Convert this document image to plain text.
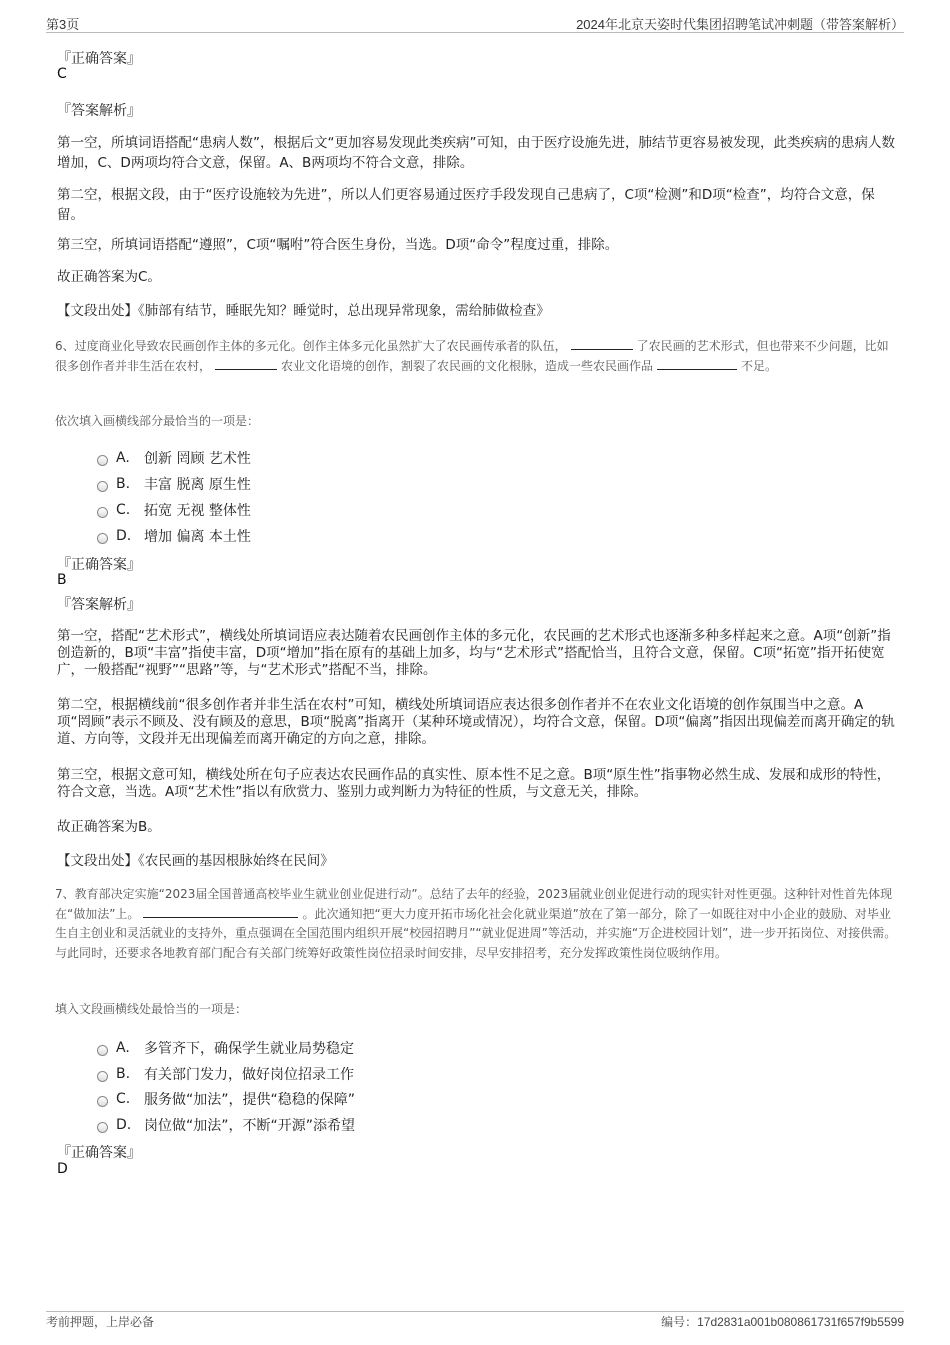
第3页	2024年北京天姿时代集团招聘笔试冲刺题（带答案解析）
『正确答案』
C
『答案解析』
第一空，所填词语搭配“患病人数”，根据后文“更加容易发现此类疾病”可知，由于医疗设施先进，肺结节更容易被发现，此类疾病的患病人数增加，C、D两项均符合文意，保留。A、B两项均不符合文意，排除。
第二空，根据文段，由于“医疗设施较为先进”，所以人们更容易通过医疗手段发现自己患病了，C项“检测”和D项“检查”，均符合文意，保留。
第三空，所填词语搭配“遵照”，C项“嘱咐”符合医生身份，当选。D项“命令”程度过重，排除。
故正确答案为C。
【文段出处】《肺部有结节，睡眠先知？睡觉时，总出现异常现象，需给肺做检查》
6、过度商业化导致农民画创作主体的多元化。创作主体多元化虽然扩大了农民画传承者的队伍，	了农民画的艺术形式，但也带来不少问题，比如很多创作者并非生活在农村，	农业文化语境的创作，割裂了农民画的文化根脉，造成一些农民画作品	不足。
依次填入画横线部分最恰当的一项是：
A.	创新 罔顾 艺术性
B. 丰富 脱离 原生性
C. 拓宽 无视 整体性
D. 增加 偏离 本土性
『正确答案』
B
『答案解析』
第一空，搭配“艺术形式”，横线处所填词语应表达随着农民画创作主体的多元化，农民画的艺术形式也逐渐多种多样起来之意。A项“创新”指创造新的，B项“丰富”指使丰富，D项“增加”指在原有的基础上加多，均与“艺术形式”搭配恰当，且符合文意，保留。C项“拓宽”指开拓使宽广，一般搭配“视野”“思路”等，与“艺术形式”搭配不当，排除。
第二空，根据横线前“很多创作者并非生活在农村”可知，横线处所填词语应表达很多创作者并不在农业文化语境的创作氛围当中之意。A项“罔顾”表示不顾及、没有顾及的意思，B项“脱离”指离开（某种环境或情况），均符合文意，保留。D项“偏离”指因出现偏差而离开确定的轨道、方向等，文段并无出现偏差而离开确定的方向之意，排除。
第三空，根据文意可知，横线处所在句子应表达农民画作品的真实性、原本性不足之意。B项“原生性”指事物必然生成、发展和成形的特性，符合文意，当选。A项“艺术性”指以有欣赏力、鉴别力或判断力为特征的性质，与文意无关，排除。
故正确答案为B。
【文段出处】《农民画的基因根脉始终在民间》
7、教育部决定实施“2023届全国普通高校毕业生就业创业促进行动”。总结了去年的经验，2023届就业创业促进行动的现实针对性更强。这种针对性首先体现在“做加法”上。	。此次通知把“更大力度开拓市场化社会化就业渠道”放在了第一部分，除了一如既往对中小企业的鼓励、对毕业生自主创业和灵活就业的支持外，重点强调在全国范围内组织开展“校园招聘月”“就业促进周”等活动，并实施“万企进校园计划”，进一步开拓岗位、对接供需。与此同时，还要求各地教育部门配合有关部门统筹好政策性岗位招录时间安排，尽早安排招考，充分发挥政策性岗位吸纳作用。
填入文段画横线处最恰当的一项是：
A.	多管齐下，确保学生就业局势稳定
B. 有关部门发力，做好岗位招录工作
C. 服务做“加法”，提供“稳稳的保障”
D. 岗位做“加法”，不断“开源”添希望
『正确答案』
D
考前押题，上岸必备	编号：17d2831a001b080861731f657f9b5599
